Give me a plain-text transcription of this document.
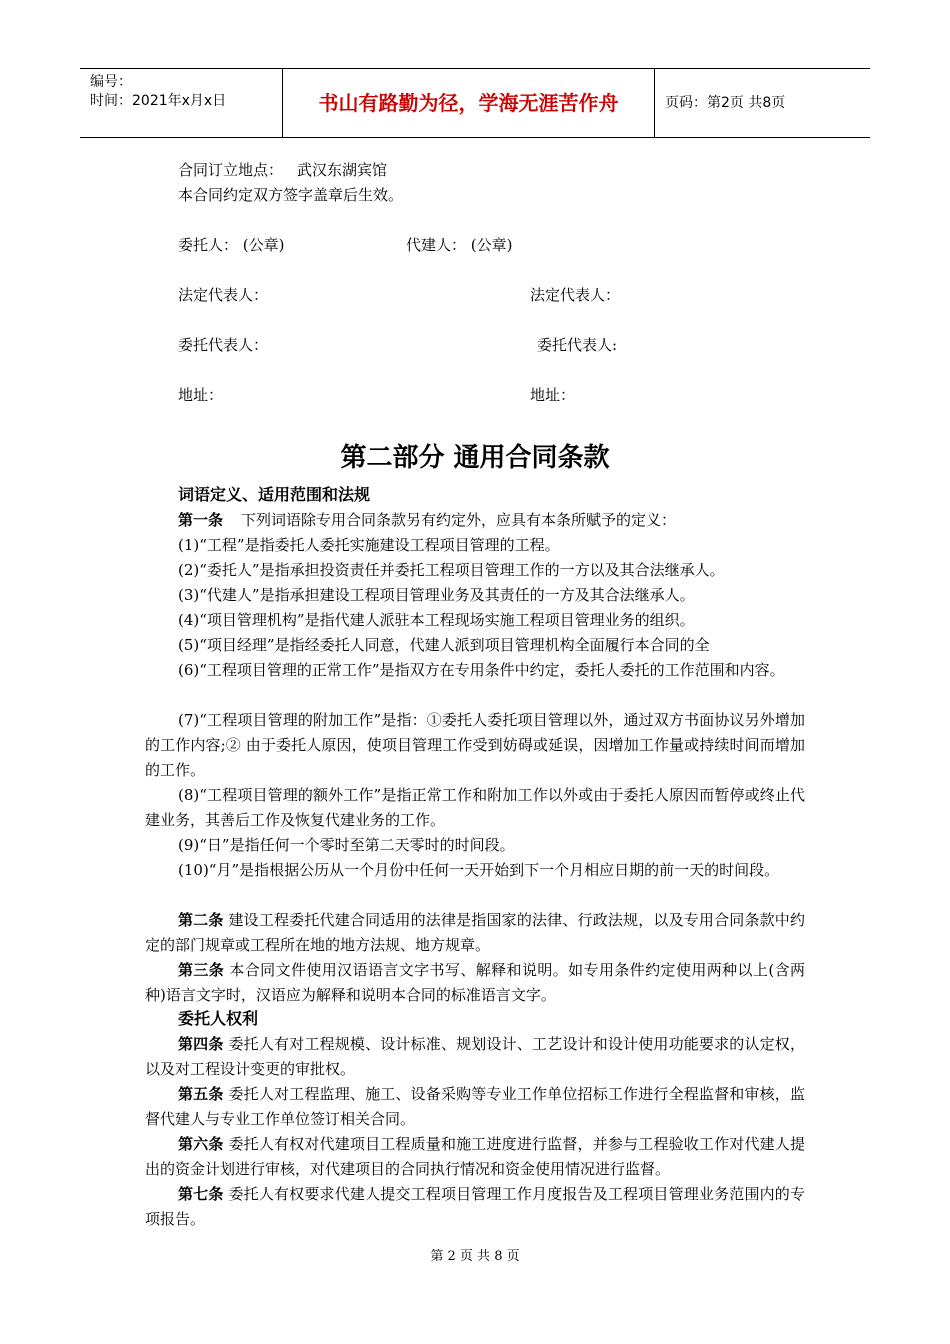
编号：
时间：2021年x月x日	书山有路勤为径，学海无涯苦作舟	页码：第2页 共8页
合同订立地点： 武汉东湖宾馆
本合同约定双方签字盖章后生效。
委托人： (公章)	代建人： (公章)
法定代表人：	法定代表人：
委托代表人：	委托代表人:
地址：	地址：
第二部分 通用合同条款
词语定义、适用范围和法规
第一条 下列词语除专用合同条款另有约定外，应具有本条所赋予的定义：
(1)“工程”是指委托人委托实施建设工程项目管理的工程。
(2)“委托人”是指承担投资责任并委托工程项目管理工作的一方以及其合法继承人。
(3)“代建人”是指承担建设工程项目管理业务及其责任的一方及其合法继承人。
(4)“项目管理机构”是指代建人派驻本工程现场实施工程项目管理业务的组织。
(5)“项目经理”是指经委托人同意，代建人派到项目管理机构全面履行本合同的全
(6)“工程项目管理的正常工作”是指双方在专用条件中约定，委托人委托的工作范围和内容。
(7)“工程项目管理的附加工作”是指：①委托人委托项目管理以外，通过双方书面协议另外增加的工作内容;② 由于委托人原因，使项目管理工作受到妨碍或延误，因增加工作量或持续时间而增加的工作。
(8)“工程项目管理的额外工作”是指正常工作和附加工作以外或由于委托人原因而暂停或终止代建业务，其善后工作及恢复代建业务的工作。
(9)“日”是指任何一个零时至第二天零时的时间段。
(10)“月”是指根据公历从一个月份中任何一天开始到下一个月相应日期的前一天的时间段。
第二条 建设工程委托代建合同适用的法律是指国家的法律、行政法规，以及专用合同条款中约定的部门规章或工程所在地的地方法规、地方规章。
第三条 本合同文件使用汉语语言文字书写、解释和说明。如专用条件约定使用两种以上(含两种)语言文字时，汉语应为解释和说明本合同的标准语言文字。
委托人权利
第四条 委托人有对工程规模、设计标准、规划设计、工艺设计和设计使用功能要求的认定权，以及对工程设计变更的审批权。
第五条 委托人对工程监理、施工、设备采购等专业工作单位招标工作进行全程监督和审核，监督代建人与专业工作单位签订相关合同。
第六条 委托人有权对代建项目工程质量和施工进度进行监督，并参与工程验收工作对代建人提出的资金计划进行审核，对代建项目的合同执行情况和资金使用情况进行监督。
第七条 委托人有权要求代建人提交工程项目管理工作月度报告及工程项目管理业务范围内的专项报告。
第 2 页 共 8 页
